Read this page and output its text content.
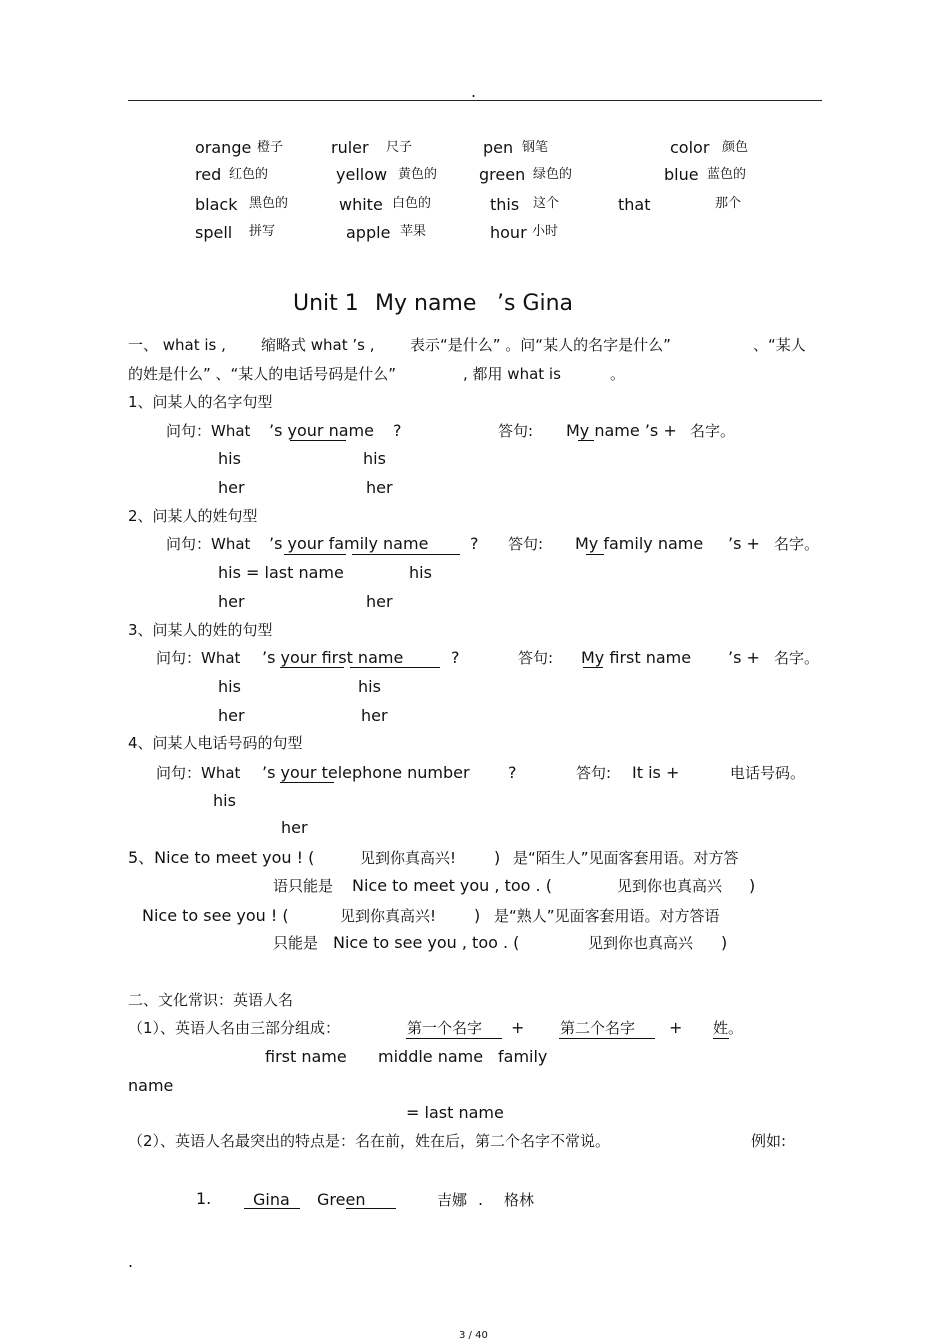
.
orange 橙子	ruler 尺子	pen 钢笔	color 颜色
red 红色的	yellow 黄色的	green 绿色的	blue 蓝色的
black 黑色的	white 白色的	this 这个	that	那个
spell 拼写	apple 苹果	hour 小时
Unit 1 My name ’s Gina
一、 what is , 缩略式 what ’s , 表示“是什么” 。问“某人的名字是什么”	、“某人
的姓是什么” 、“某人的电话号码是什么”	, 都用 what is	。
1、问某人的名字句型
问句：What ’s your name ?	答句: My name ’s + 名字。
his	his
her	her
2、问某人的姓句型
问句：What ’s your family name	? 答句: My family name ’s + 名字。
his = last name	his
her	her
3、问某人的姓的句型
问句：What ’s your first name	?	答句: My first name ’s + 名字。
his	his
her	her
4、问某人电话号码的句型
问句：What ’s your telephone number ?	答句: It is +	电话号码。
his
her
5、Nice to meet you ! (	见到你真高兴! ) 是“陌生人”见面客套用语。对方答
语只能是 Nice to meet you , too . (	见到你也真高兴 )
Nice to see you ! (	见到你真高兴! ) 是“熟人”见面客套用语。对方答语
只能是 Nice to see you , too . (	见到你也真高兴 )
二、文化常识：英语人名
（1）、英语人名由三部分组成：	第一个名字 + 第二个名字 + 姓。
first name middle name family
name
= last name
（2）、英语人名最突出的特点是：名在前，姓在后，第二个名字不常说。	例如:
1.	Gina Green	吉娜 . 格林
.
3 / 40
